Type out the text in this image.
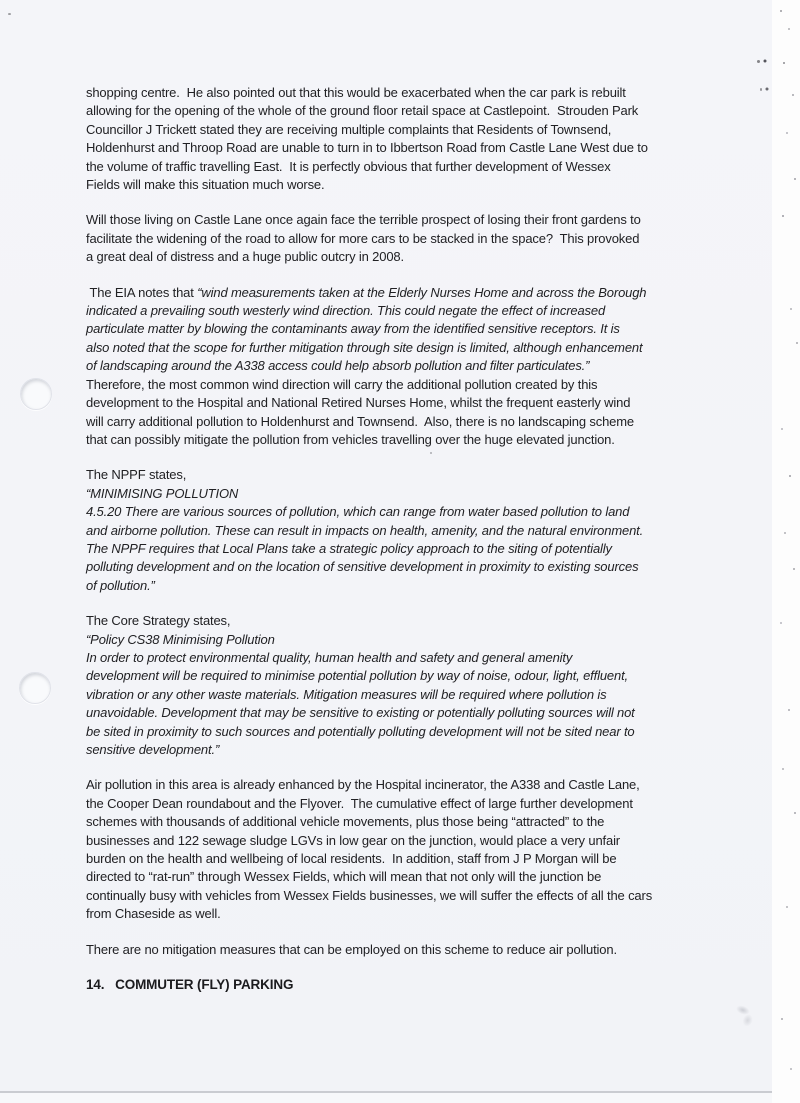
shopping centre.  He also pointed out that this would be exacerbated when the car park is rebuilt
allowing for the opening of the whole of the ground floor retail space at Castlepoint.  Strouden Park
Councillor J Trickett stated they are receiving multiple complaints that Residents of Townsend,
Holdenhurst and Throop Road are unable to turn in to Ibbertson Road from Castle Lane West due to
the volume of traffic travelling East.  It is perfectly obvious that further development of Wessex
Fields will make this situation much worse.
Will those living on Castle Lane once again face the terrible prospect of losing their front gardens to
facilitate the widening of the road to allow for more cars to be stacked in the space?  This provoked
a great deal of distress and a huge public outcry in 2008.
The EIA notes that “wind measurements taken at the Elderly Nurses Home and across the Borough
indicated a prevailing south westerly wind direction. This could negate the effect of increased
particulate matter by blowing the contaminants away from the identified sensitive receptors. It is
also noted that the scope for further mitigation through site design is limited, although enhancement
of landscaping around the A338 access could help absorb pollution and filter particulates.”
Therefore, the most common wind direction will carry the additional pollution created by this
development to the Hospital and National Retired Nurses Home, whilst the frequent easterly wind
will carry additional pollution to Holdenhurst and Townsend.  Also, there is no landscaping scheme
that can possibly mitigate the pollution from vehicles travelling over the huge elevated junction.
The NPPF states,
“MINIMISING POLLUTION
4.5.20 There are various sources of pollution, which can range from water based pollution to land
and airborne pollution. These can result in impacts on health, amenity, and the natural environment.
The NPPF requires that Local Plans take a strategic policy approach to the siting of potentially
polluting development and on the location of sensitive development in proximity to existing sources
of pollution.”
The Core Strategy states,
“Policy CS38 Minimising Pollution
In order to protect environmental quality, human health and safety and general amenity
development will be required to minimise potential pollution by way of noise, odour, light, effluent,
vibration or any other waste materials. Mitigation measures will be required where pollution is
unavoidable. Development that may be sensitive to existing or potentially polluting sources will not
be sited in proximity to such sources and potentially polluting development will not be sited near to
sensitive development.”
Air pollution in this area is already enhanced by the Hospital incinerator, the A338 and Castle Lane,
the Cooper Dean roundabout and the Flyover.  The cumulative effect of large further development
schemes with thousands of additional vehicle movements, plus those being “attracted” to the
businesses and 122 sewage sludge LGVs in low gear on the junction, would place a very unfair
burden on the health and wellbeing of local residents.  In addition, staff from J P Morgan will be
directed to “rat-run” through Wessex Fields, which will mean that not only will the junction be
continually busy with vehicles from Wessex Fields businesses, we will suffer the effects of all the cars
from Chaseside as well.
There are no mitigation measures that can be employed on this scheme to reduce air pollution.
14.   COMMUTER (FLY) PARKING
